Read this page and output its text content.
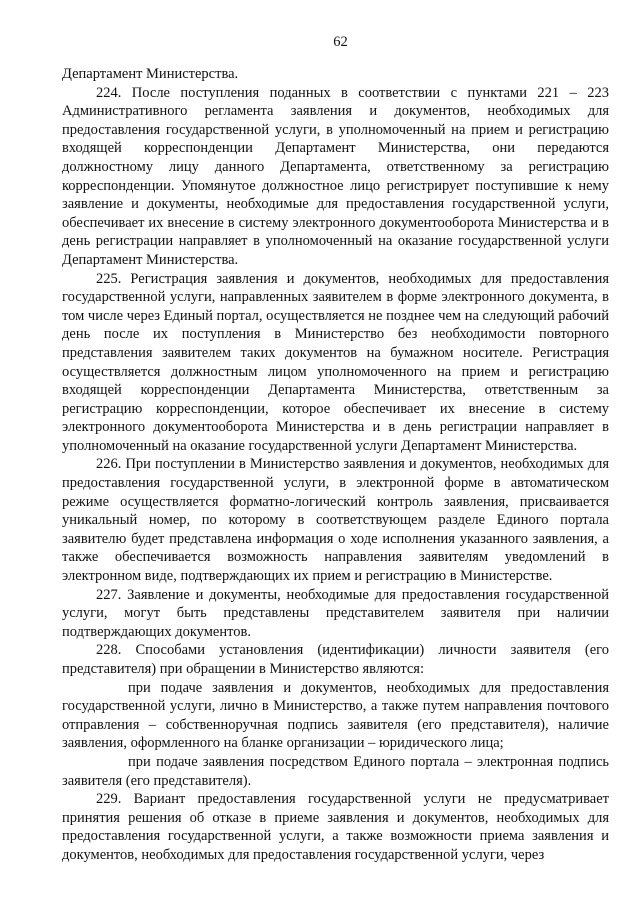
62

Департамент Министерства.

224. После поступления поданных в соответствии с пунктами 221 – 223 Административного регламента заявления и документов, необходимых для предоставления государственной услуги, в уполномоченный на прием и регистрацию входящей корреспонденции Департамент Министерства, они передаются должностному лицу данного Департамента, ответственному за регистрацию корреспонденции. Упомянутое должностное лицо регистрирует поступившие к нему заявление и документы, необходимые для предоставления государственной услуги, обеспечивает их внесение в систему электронного документооборота Министерства и в день регистрации направляет в уполномоченный на оказание государственной услуги Департамент Министерства.

225. Регистрация заявления и документов, необходимых для предоставления государственной услуги, направленных заявителем в форме электронного документа, в том числе через Единый портал, осуществляется не позднее чем на следующий рабочий день после их поступления в Министерство без необходимости повторного представления заявителем таких документов на бумажном носителе. Регистрация осуществляется должностным лицом уполномоченного на прием и регистрацию входящей корреспонденции Департамента Министерства, ответственным за регистрацию корреспонденции, которое обеспечивает их внесение в систему электронного документооборота Министерства и в день регистрации направляет в уполномоченный на оказание государственной услуги Департамент Министерства.

226. При поступлении в Министерство заявления и документов, необходимых для предоставления государственной услуги, в электронной форме в автоматическом режиме осуществляется форматно-логический контроль заявления, присваивается уникальный номер, по которому в соответствующем разделе Единого портала заявителю будет представлена информация о ходе исполнения указанного заявления, а также обеспечивается возможность направления заявителям уведомлений в электронном виде, подтверждающих их прием и регистрацию в Министерстве.

227. Заявление и документы, необходимые для предоставления государственной услуги, могут быть представлены представителем заявителя при наличии подтверждающих документов.

228. Способами установления (идентификации) личности заявителя (его представителя) при обращении в Министерство являются:

при подаче заявления и документов, необходимых для предоставления государственной услуги, лично в Министерство, а также путем направления почтового отправления – собственноручная подпись заявителя (его представителя), наличие заявления, оформленного на бланке организации – юридического лица;

при подаче заявления посредством Единого портала – электронная подпись заявителя (его представителя).

229. Вариант предоставления государственной услуги не предусматривает принятия решения об отказе в приеме заявления и документов, необходимых для предоставления государственной услуги, а также возможности приема заявления и документов, необходимых для предоставления государственной услуги, через
